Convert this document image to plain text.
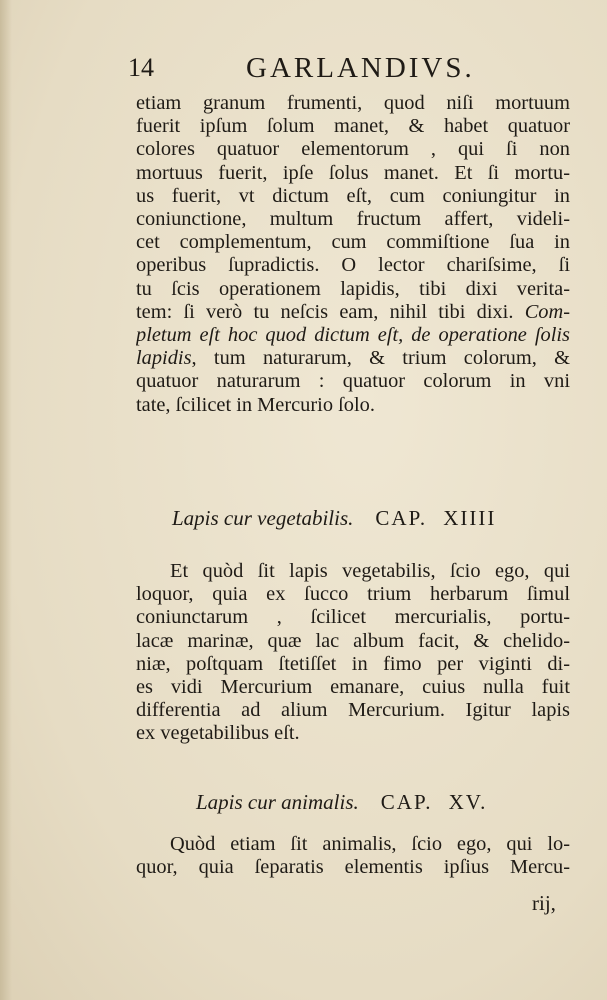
14	GARLANDIVS.
etiam granum frumenti, quod niſi mortuum
fuerit ipſum ſolum manet, & habet quatuor
colores quatuor elementorum , qui ſi non
mortuus fuerit, ipſe ſolus manet. Et ſi mortu-
us fuerit, vt dictum eſt, cum coniungitur in
coniunctione, multum fructum affert, videli-
cet complementum, cum commiſtione ſua in
operibus ſupradictis. O lector chariſsime, ſi
tu ſcis operationem lapidis, tibi dixi verita-
tem: ſi verò tu neſcis eam, nihil tibi dixi. Com-
pletum eſt hoc quod dictum eſt, de operatione ſolis
lapidis, tum naturarum, & trium colorum, &
quatuor naturarum : quatuor colorum in vni
tate, ſcilicet in Mercurio ſolo.
Lapis cur vegetabilis. CAP. XIIII
Et quòd ſit lapis vegetabilis, ſcio ego, qui
loquor, quia ex ſucco trium herbarum ſimul
coniunctarum , ſcilicet mercurialis, portu-
lacæ marinæ, quæ lac album facit, & chelido-
niæ, poſtquam ſtetiſſet in fimo per viginti di-
es vidi Mercurium emanare, cuius nulla fuit
differentia ad alium Mercurium. Igitur lapis
ex vegetabilibus eſt.
Lapis cur animalis. CAP. XV.
Quòd etiam ſit animalis, ſcio ego, qui lo-
quor, quia ſeparatis elementis ipſius Mercu-
rij,
